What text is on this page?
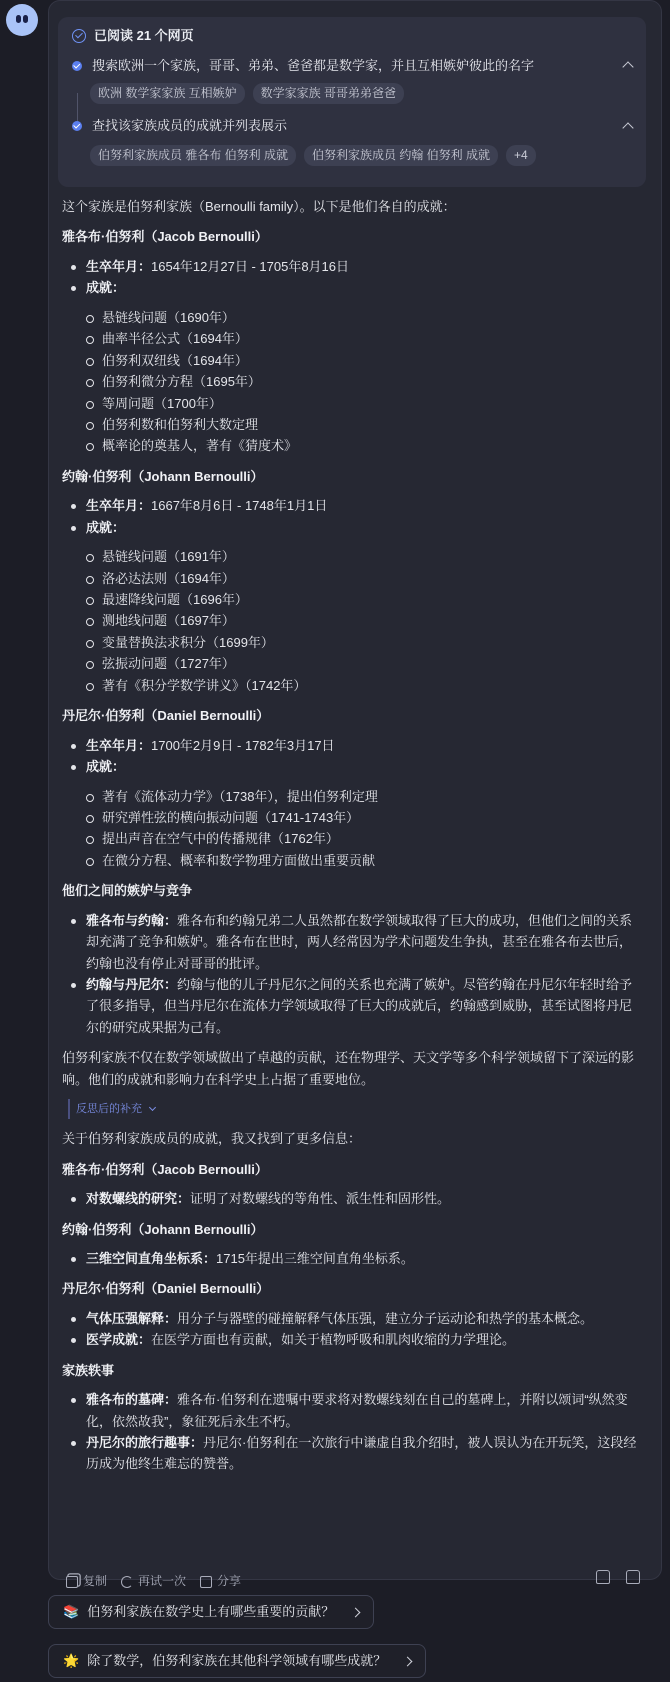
已阅读 21 个网页
搜索欧洲一个家族，哥哥、弟弟、爸爸都是数学家，并且互相嫉妒彼此的名字
欧洲 数学家家族 互相嫉妒	数学家家族 哥哥弟弟爸爸
查找该家族成员的成就并列表展示
伯努利家族成员 雅各布 伯努利 成就	伯努利家族成员 约翰 伯努利 成就	+4

这个家族是伯努利家族（Bernoulli family）。以下是他们各自的成就：

雅各布·伯努利（Jacob Bernoulli）

生卒年月：1654年12月27日 - 1705年8月16日
成就：
悬链线问题（1690年）
曲率半径公式（1694年）
伯努利双纽线（1694年）
伯努利微分方程（1695年）
等周问题（1700年）
伯努利数和伯努利大数定理
概率论的奠基人，著有《猜度术》

约翰·伯努利（Johann Bernoulli）

生卒年月：1667年8月6日 - 1748年1月1日
成就：
悬链线问题（1691年）
洛必达法则（1694年）
最速降线问题（1696年）
测地线问题（1697年）
变量替换法求积分（1699年）
弦振动问题（1727年）
著有《积分学数学讲义》（1742年）

丹尼尔·伯努利（Daniel Bernoulli）

生卒年月：1700年2月9日 - 1782年3月17日
成就：
著有《流体动力学》（1738年），提出伯努利定理
研究弹性弦的横向振动问题（1741-1743年）
提出声音在空气中的传播规律（1762年）
在微分方程、概率和数学物理方面做出重要贡献

他们之间的嫉妒与竞争

雅各布与约翰：雅各布和约翰兄弟二人虽然都在数学领域取得了巨大的成功，但他们之间的关系却充满了竞争和嫉妒。雅各布在世时，两人经常因为学术问题发生争执，甚至在雅各布去世后，约翰也没有停止对哥哥的批评。
约翰与丹尼尔：约翰与他的儿子丹尼尔之间的关系也充满了嫉妒。尽管约翰在丹尼尔年轻时给予了很多指导，但当丹尼尔在流体力学领域取得了巨大的成就后，约翰感到威胁，甚至试图将丹尼尔的研究成果据为己有。

伯努利家族不仅在数学领域做出了卓越的贡献，还在物理学、天文学等多个科学领域留下了深远的影响。他们的成就和影响力在科学史上占据了重要地位。

反思后的补充

关于伯努利家族成员的成就，我又找到了更多信息：

雅各布·伯努利（Jacob Bernoulli）

对数螺线的研究：证明了对数螺线的等角性、派生性和固形性。

约翰·伯努利（Johann Bernoulli）

三维空间直角坐标系：1715年提出三维空间直角坐标系。

丹尼尔·伯努利（Daniel Bernoulli）

气体压强解释：用分子与器壁的碰撞解释气体压强，建立分子运动论和热学的基本概念。
医学成就：在医学方面也有贡献，如关于植物呼吸和肌肉收缩的力学理论。

家族轶事

雅各布的墓碑：雅各布·伯努利在遗嘱中要求将对数螺线刻在自己的墓碑上，并附以颂词“纵然变化，依然故我”，象征死后永生不朽。
丹尼尔的旅行趣事：丹尼尔·伯努利在一次旅行中谦虚自我介绍时，被人误认为在开玩笑，这段经历成为他终生难忘的赞誉。
复制	再试一次	分享
📚 伯努利家族在数学史上有哪些重要的贡献？
🌟 除了数学，伯努利家族在其他科学领域有哪些成就？
